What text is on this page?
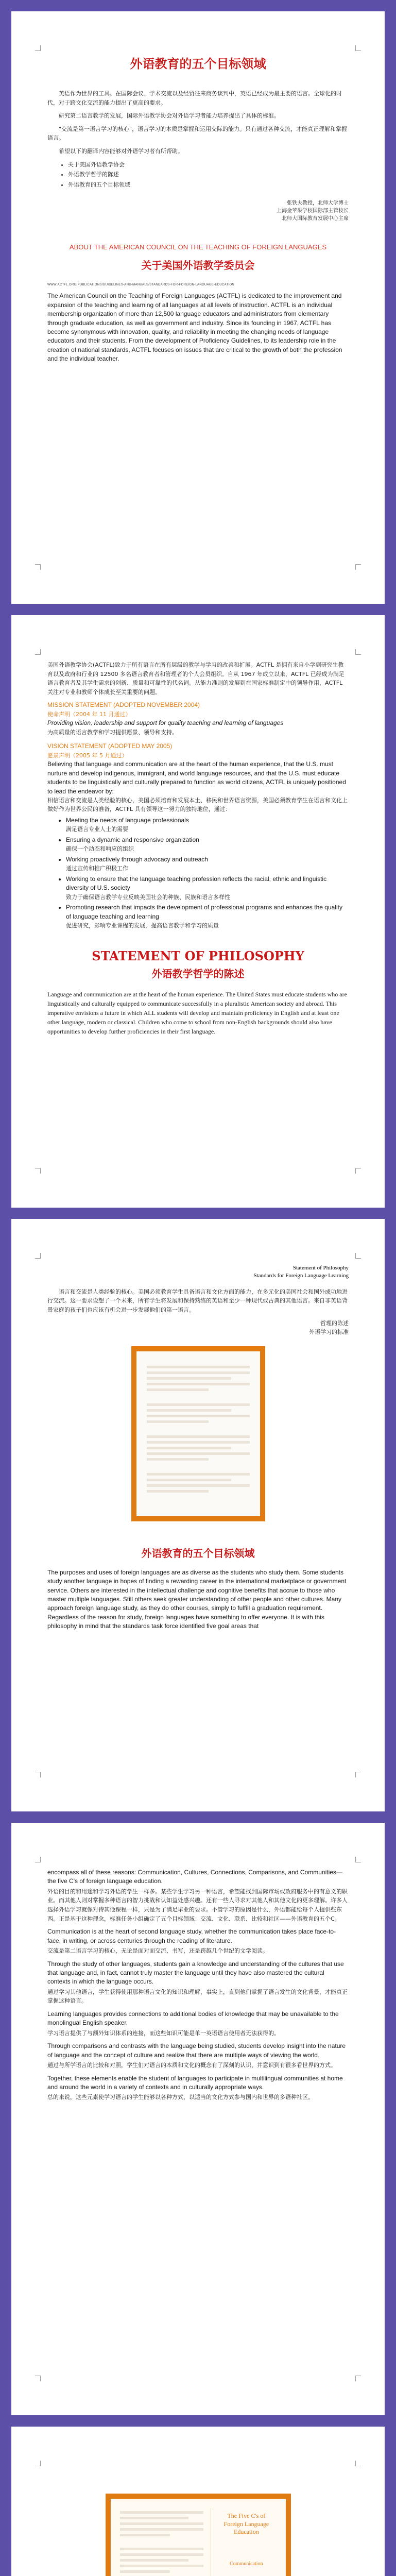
外语教育的五个目标领域

英语作为世界的工具。在国际会议、学术交流以及经贸往来商务谈判中，英语已经成为最主要的语言。全球化的时代，对于跨文化交流的能力提出了更高的要求。

研究第二语言教学的发展，国际外语教学协会对外语学习者能力培养提出了具体的标准。

"交流是第一语言学习的核心"，语言学习的本质是掌握和运用交际的能力。只有通过各种交流，才能真正理解和掌握语言。

希望以下的翻译内容能够对外语学习者有所帮助。

• 关于美国外语教学协会
• 外语教学哲学的陈述
• 外语教育的五个目标领域
张铁夫教授，北师大学博士
上海金苹果学校国际部主管校长
北师大国际教育发展中心主席
ABOUT THE AMERICAN COUNCIL ON THE TEACHING OF FOREIGN LANGUAGES
关于美国外语教学委员会
WWW.ACTFL.ORG/PUBLICATIONS/GUIDELINES-AND-MANUALS/STANDARDS-FOR-FOREIGN-LANGUAGE-EDUCATION

The American Council on the Teaching of Foreign Languages (ACTFL) is dedicated to the improvement and expansion of the teaching and learning of all languages at all levels of instruction. ACTFL is an individual membership organization of more than 12,500 language educators and administrators from elementary through graduate education, as well as government and industry. Since its founding in 1967, ACTFL has become synonymous with innovation, quality, and reliability in meeting the changing needs of language educators and their students. From the development of Proficiency Guidelines, to its leadership role in the creation of national standards, ACTFL focuses on issues that are critical to the growth of both the profession and the individual teacher.

美国外语教学协会(ACTFL)致力于所有语言在所有层级的教学与学习的改善和扩展。ACTFL 是拥有来自小学到研究生教育以及政府和行业的 12500 多名语言教育者和管理者的个人会员组织。自从 1967 年成立以来，ACTFL 已经成为满足语言教育者及其学生需求的创新、质量和可靠性的代名词。从能力准则的发展到在国家标准制定中的领导作用，ACTFL 关注对专业和教师个体成长至关重要的问题。

MISSION STATEMENT (ADOPTED NOVEMBER 2004)
使命声明（2004 年 11 月通过）
Providing vision, leadership and support for quality teaching and learning of languages
为高质量的语言教学和学习提供愿景、领导和支持。
VISION STATEMENT (ADOPTED MAY 2005)
愿景声明（2005 年 5 月通过）
Believing that language and communication are at the heart of the human experience, that the U.S. must nurture and develop indigenous, immigrant, and world language resources, and that the U.S. must educate students to be linguistically and culturally prepared to function as world citizens, ACTFL is uniquely positioned to lead the endeavor by:
相信语言和交流是人类经验的核心，美国必须培育和发展本土、移民和世界语言资源，美国必须教育学生在语言和文化上做好作为世界公民的准备，ACTFL 具有领导这一努力的独特地位，通过：
• Meeting the needs of language professionals
满足语言专业人士的需要
• Ensuring a dynamic and responsive organization
确保一个动态和响应的组织
• Working proactively through advocacy and outreach
通过宣传和推广积极工作
• Working to ensure that the language teaching profession reflects the racial, ethnic and linguistic diversity of U.S. society
致力于确保语言教学专业反映美国社会的种族、民族和语言多样性
• Promoting research that impacts the development of professional programs and enhances the quality of language teaching and learning
促进研究，影响专业课程的发展，提高语言教学和学习的质量
STATEMENT OF PHILOSOPHY
外语教学哲学的陈述

Language and communication are at the heart of the human experience. The United States must educate students who are linguistically and culturally equipped to communicate successfully in a pluralistic American society and abroad. This imperative envisions a future in which ALL students will develop and maintain proficiency in English and at least one other language, modern or classical. Children who come to school from non-English backgrounds should also have opportunities to develop further proficiencies in their first language.

Statement of Philosophy
Standards for Foreign Language Learning

语言和交流是人类经验的核心。美国必须教育学生具备语言和文化方面的能力，在多元化的美国社会和国外成功地进行交流。这一要求设想了一个未来，所有学生将发展和保持熟练的英语和至少一种现代或古典的其他语言。来自非英语背景家庭的孩子们也应该有机会进一步发展他们的第一语言。

哲理的陈述
外语学习的标准
外语教育的五个目标领域

The purposes and uses of foreign languages are as diverse as the students who study them. Some students study another language in hopes of finding a rewarding career in the international marketplace or government service. Others are interested in the intellectual challenge and cognitive benefits that accrue to those who master multiple languages. Still others seek greater understanding of other people and other cultures. Many approach foreign language study, as they do other courses, simply to fulfill a graduation requirement. Regardless of the reason for study, foreign languages have something to offer everyone. It is with this philosophy in mind that the standards task force identified five goal areas that

encompass all of these reasons: Communication, Cultures, Connections, Comparisons, and Communities—the five C's of foreign language education.

外语的目的和用途和学习外语的学生一样多。某些学生学习另一种语言，希望能找到国际市场或政府服务中的有意义的职业。而其他人则对掌握多种语言的智力挑战和认知益处感兴趣。还有一些人寻求对其他人和其他文化的更多理解。许多人选择外语学习就像对待其他课程一样，只是为了满足毕业的要求。不管学习的原因是什么，外语都能给每个人提供些东西。正是基于这种理念，标准任务小组确定了五个目标领域：交流、文化、联系、比较和社区——外语教育的五个C。

Communication is at the heart of second language study, whether the communication takes place face-to-face, in writing, or across centuries through the reading of literature.

交流是第二语言学习的核心，无论是面对面交流、书写，还是跨越几个世纪的文学阅读。

Through the study of other languages, students gain a knowledge and understanding of the cultures that use that language and, in fact, cannot truly master the language until they have also mastered the cultural contexts in which the language occurs.

通过学习其他语言，学生获得使用那种语言文化的知识和理解，事实上，直到他们掌握了语言发生的文化背景，才能真正掌握这种语言。

Learning languages provides connections to additional bodies of knowledge that may be unavailable to the monolingual English speaker.

学习语言提供了与额外知识体系的连接，而这些知识可能是单一英语语言使用者无法获得的。

Through comparisons and contrasts with the language being studied, students develop insight into the nature of language and the concept of culture and realize that there are multiple ways of viewing the world.

通过与所学语言的比较和对照，学生们对语言的本质和文化的概念有了深刻的认识，并意识到有很多看世界的方式。

Together, these elements enable the student of languages to participate in multilingual communities at home and around the world in a variety of contexts and in culturally appropriate ways.

总的来说，这些元素使学习语言的学生能够以各种方式，以适当的文化方式参与国内和世界的多语种社区。

The Five C's of
Foreign Language
Education
Communication
